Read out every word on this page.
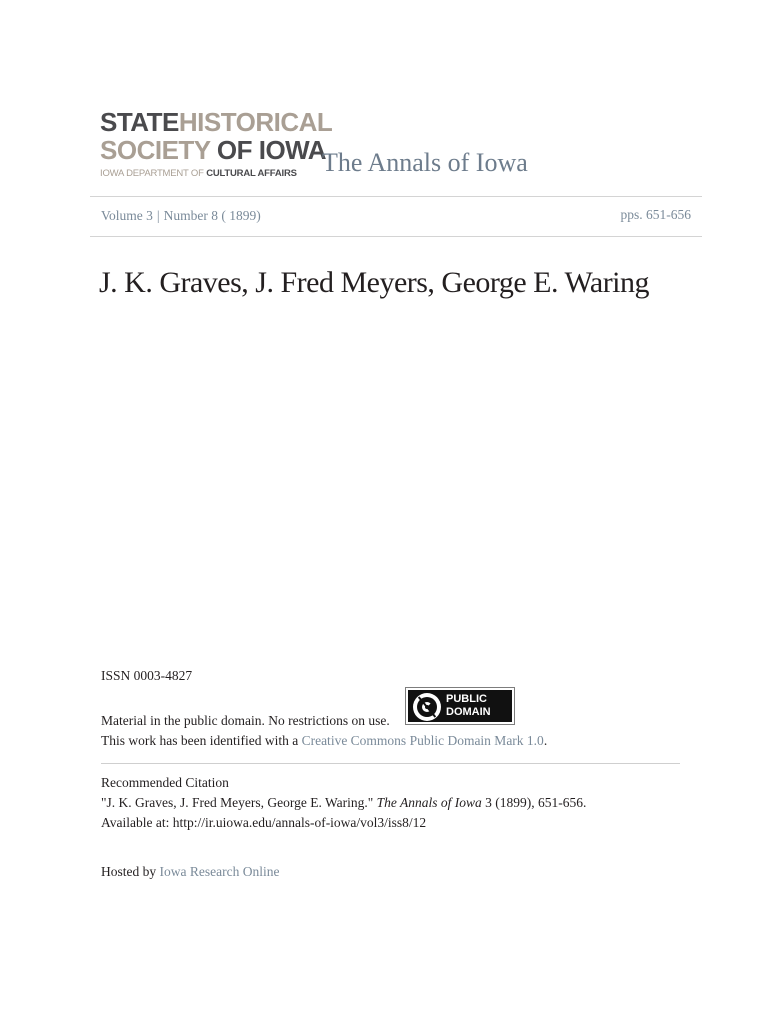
STATEHISTORICAL
SOCIETY OF IOWA
IOWA DEPARTMENT OF CULTURAL AFFAIRS The Annals of Iowa
Volume 3 | Number 8 ( 1899)	pps. 651-656
J. K. Graves, J. Fred Meyers, George E. Waring
ISSN 0003-4827
PUBLIC
DOMAIN
Material in the public domain. No restrictions on use.
This work has been identified with a Creative Commons Public Domain Mark 1.0.
Recommended Citation
"J. K. Graves, J. Fred Meyers, George E. Waring." The Annals of Iowa 3 (1899), 651-656.
Available at: http://ir.uiowa.edu/annals-of-iowa/vol3/iss8/12
Hosted by Iowa Research Online
